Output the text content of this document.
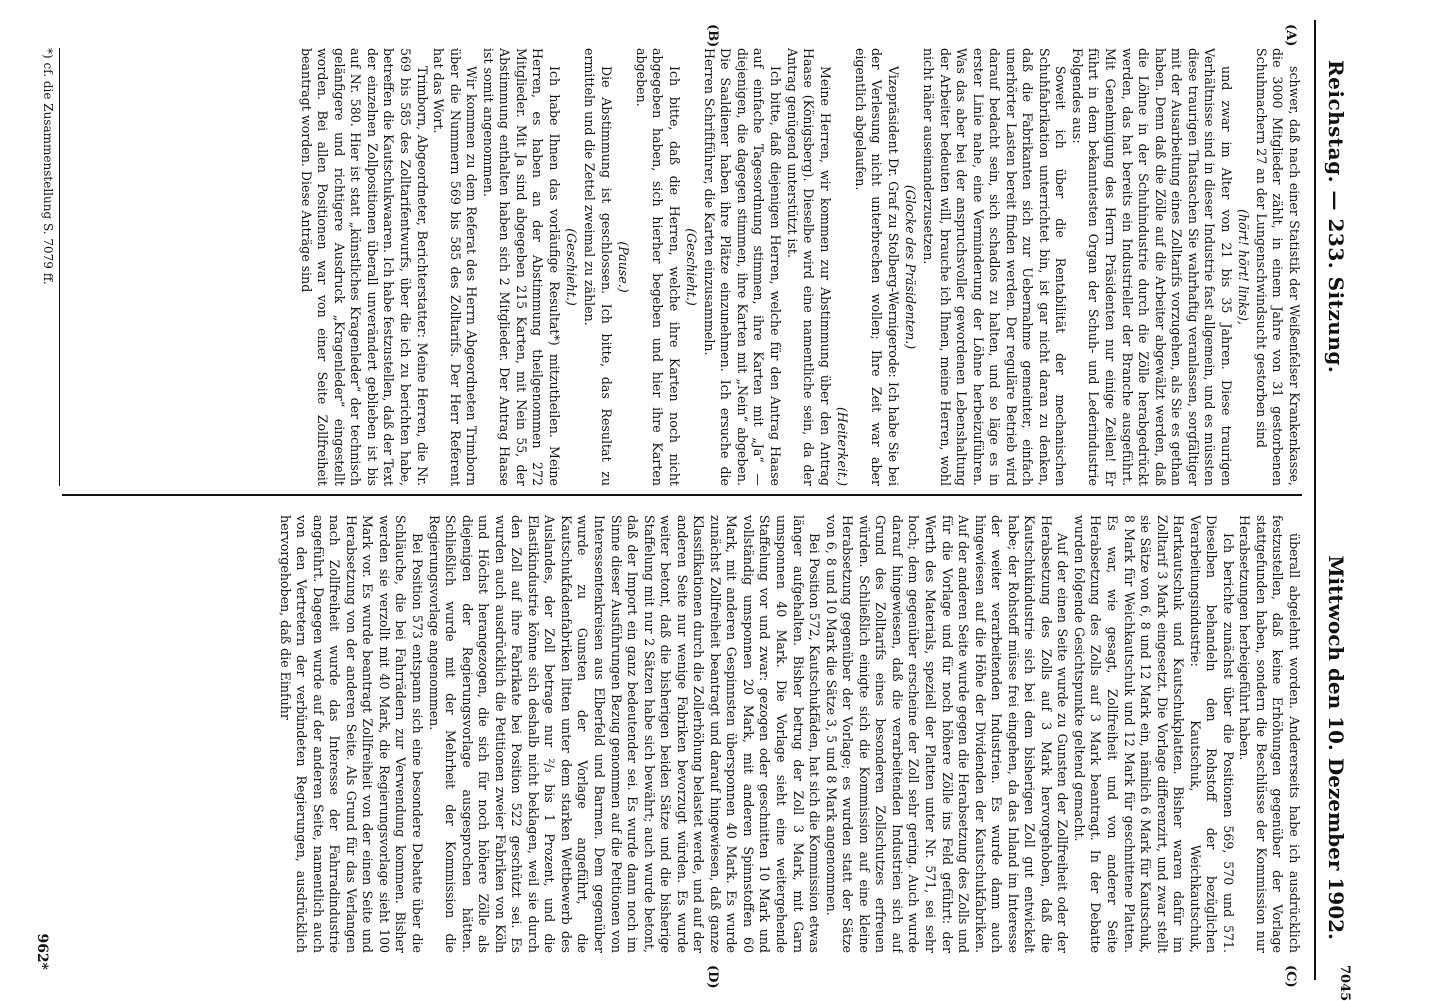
Reichstag. — 233. Sitzung.
Mittwoch den 10. Dezember 1902.
7045
(A)
(B)
(C)
(D)

schwer, daß nach einer Statistik der Weißenfelser Krankenkasse, die 3000 Mitglieder zählt, in einem Jahre von 31 gestorbenen Schuhmachern 27 an der Lungenschwindsucht gestorben sind

(hört! hört! links),

und zwar im Alter von 21 bis 35 Jahren. Diese traurigen Verhältnisse sind in dieser Industrie fast allgemein, und es müssten diese traurigen Thatsachen Sie wahrhaftig veranlassen, sorgfältiger mit der Ausarbeitung eines Zolltarifs vorzugehen, als Sie es gethan haben. Denn daß die Zölle auf die Arbeiter abgewälzt werden, daß die Löhne in der Schuhindustrie durch die Zölle herabgedrückt werden, das hat bereits ein Industrieller der Branche ausgeführt. Mit Genehmigung des Herrn Präsidenten nur einige Zeilen! Er führt in dem bekanntesten Organ der Schuh- und Lederindustrie Folgendes aus:

Soweit ich über die Rentabilität der mechanischen Schuhfabrikation unterrichtet bin, ist gar nicht daran zu denken, daß die Fabrikanten sich zur Uebernahme gemeinter, einfach unerhörter Lasten bereit finden werden. Der reguläre Betrieb wird darauf bedacht sein, sich schadlos zu halten, und so läge es in erster Linie nahe, eine Verminderung der Löhne herbeizuführen. Was das aber bei der anspruchsvoller gewordenen Lebenshaltung der Arbeiter bedeuten will, brauche ich Ihnen, meine Herren, wohl nicht näher auseinanderzusetzen.

(Glocke des Präsidenten.)

Vizepräsident Dr. Graf zu Stolberg-Wernigerode: Ich habe Sie bei der Verlesung nicht unterbrechen wollen; Ihre Zeit war aber eigentlich abgelaufen.

(Heiterkeit.)

Meine Herren, wir kommen zur Abstimmung über den Antrag Haase (Königsberg). Dieselbe wird eine namentliche sein, da der Antrag genügend unterstützt ist.

Ich bitte, daß diejenigen Herren, welche für den Antrag Haase auf einfache Tagesordnung stimmen, ihre Karten mit „Ja“ — diejenigen, die dagegen stimmen, ihre Karten mit „Nein“ abgeben. Die Saaldiener haben ihre Plätze einzunehmen. Ich ersuche die Herren Schriftführer, die Karten einzusammeln.

(Geschieht.)

Ich bitte, daß die Herren, welche ihre Karten noch nicht abgegeben haben, sich hierher begeben und hier ihre Karten abgeben.

(Pause.)

Die Abstimmung ist geschlossen. Ich bitte, das Resultat zu ermitteln und die Zettel zweimal zu zählen.

(Geschieht.)

Ich habe Ihnen das vorläufige Resultat*) mitzutheilen. Meine Herren, es haben an der Abstimmung theilgenommen 272 Mitglieder. Mit Ja sind abgegeben 215 Karten, mit Nein 55, der Abstimmung enthalten haben sich 2 Mitglieder. Der Antrag Haase ist somit angenommen.

Wir kommen zu dem Referat des Herrn Abgeordneten Trimborn über die Nummern 569 bis 585 des Zolltarifs. Der Herr Referent hat das Wort.

Trimborn, Abgeordneter, Berichterstatter: Meine Herren, die Nr. 569 bis 585 des Zolltarifentwurfs, über die ich zu berichten habe, betreffen die Kautschukwaaren. Ich habe festzustellen, daß der Text der einzelnen Zollpositionen überall unverändert geblieben ist bis auf Nr. 580. Hier ist statt „künstliches Kragenleder“ der technisch gelänfigere und richtigere Ausdruck „Kragenleder“ eingestellt worden. Bei allen Positionen war von einer Seite Zollfreiheit beantragt worden. Diese Anträge sind

überall abgelehnt worden. Andererseits habe ich ausdrücklich festzustellen, daß keine Erhöhungen gegenüber der Vorlage stattgefunden haben, sondern die Beschlüsse der Kommission nur Herabsetzungen herbeigeführt haben.

Ich berichte zunächst über die Positionen 569, 570 und 571. Dieselben behandeln den Rohstoff der bezüglichen Verarbeitungsindustrie: Kautschuk, Weichkautschuk, Hartkautschuk und Kautschukplatten. Bisher waren dafür im Zolltarif 3 Mark eingesetzt. Die Vorlage differenzirt, und zwar stellt sie Sätze von 6, 8 und 12 Mark ein, nämlich 6 Mark für Kautschuk, 8 Mark für Weichkautschuk und 12 Mark für geschnittene Platten. Es war, wie gesagt, Zollfreiheit und von anderer Seite Herabsetzung des Zolls auf 3 Mark beantragt. In der Debatte wurden folgende Gesichtspunkte geltend gemacht.

Auf der einen Seite wurde zu Gunsten der Zollfreiheit oder der Herabsetzung des Zolls auf 3 Mark hervorgehoben, daß die Kautschukindustrie sich bei dem bisherigen Zoll gut entwickelt habe; der Rohstoff müsse frei eingehen, da das Inland im Interesse der weiter verarbeitenden Industrien. Es wurde dann auch hingewiesen auf die Höhe der Dividenden der Kautschukfabriken. Auf der anderen Seite wurde gegen die Herabsetzung des Zolls und für die Vorlage und für noch höhere Zölle ins Feld geführt: der Werth des Materials, speziell der Platten unter Nr. 571, sei sehr hoch; dem gegenüber erscheine der Zoll sehr gering. Auch wurde darauf hingewiesen, daß die verarbeitenden Industrien sich auf Grund des Zolltarifs eines besonderen Zollschutzes erfreuen würden. Schließlich einigte sich die Kommission auf eine kleine Herabsetzung gegenüber der Vorlage; es wurden statt der Sätze von 6, 8 und 10 Mark die Sätze 3, 5 und 8 Mark angenommen.

Bei Position 572, Kautschukfäden, hat sich die Kommission etwas länger aufgehalten. Bisher betrug der Zoll 3 Mark, mit Garn umsponnen 40 Mark. Die Vorlage sieht eine weitergehende Staffelung vor und zwar: gezogen oder geschnitten 10 Mark und vollständig umsponnen 20 Mark, mit anderen Spinnstoffen 60 Mark, mit anderen Gespinnsten übersponnen 40 Mark. Es wurde zunächst Zollfreiheit beantragt und darauf hingewiesen, daß ganze Klassifikationen durch die Zollerhöhung belastet werde, und auf der anderen Seite nur wenige Fabriken bevorzugt würden. Es wurde weiter betont, daß die bisherigen beiden Sätze und die bisherige Staffelung mit nur 2 Sätzen habe sich bewährt; auch wurde betont, daß der Import ein ganz bedeutender sei. Es wurde dann noch im Sinne dieser Ausführungen Bezug genommen auf die Petitionen von Interessentenkreisen aus Elberfeld und Barmen. Dem gegenüber wurde zu Gunsten der Vorlage angeführt, die Kautschukfadenfabriken litten unter dem starken Wettbewerb des Auslandes, der Zoll betrage nur ²/₃ bis 1 Prozent, und die Elastikindustrie könne sich deshalb nicht beklagen, weil sie durch den Zoll auf ihre Fabrikate bei Position 522 geschützt sei. Es wurden auch ausdrücklich die Petitionen zweier Fabriken von Köln und Höchst herangezogen, die sich für noch höhere Zölle als diejenigen der Regierungsvorlage ausgesprochen hätten. Schließlich wurde mit der Mehrheit der Kommission die Regierungsvorlage angenommen.

Bei Position 573 entspann sich eine besondere Debatte über die Schläuche, die bei Fahrrädern zur Verwendung kommen. Bisher werden sie verzollt mit 40 Mark, die Regierungsvorlage sieht 100 Mark vor. Es wurde beantragt Zollfreiheit von der einen Seite und Herabsetzung von der anderen Seite. Als Grund für das Verlangen nach Zollfreiheit wurde das Interesse der Fahrradindustrie angeführt. Dagegen wurde auf der anderen Seite, namentlich auch von den Vertretern der verbündeten Regierungen, ausdrücklich hervorgehoben, daß die Einfuhr

*) cf. die Zusammenstellung S. 7079 ff.
962*
